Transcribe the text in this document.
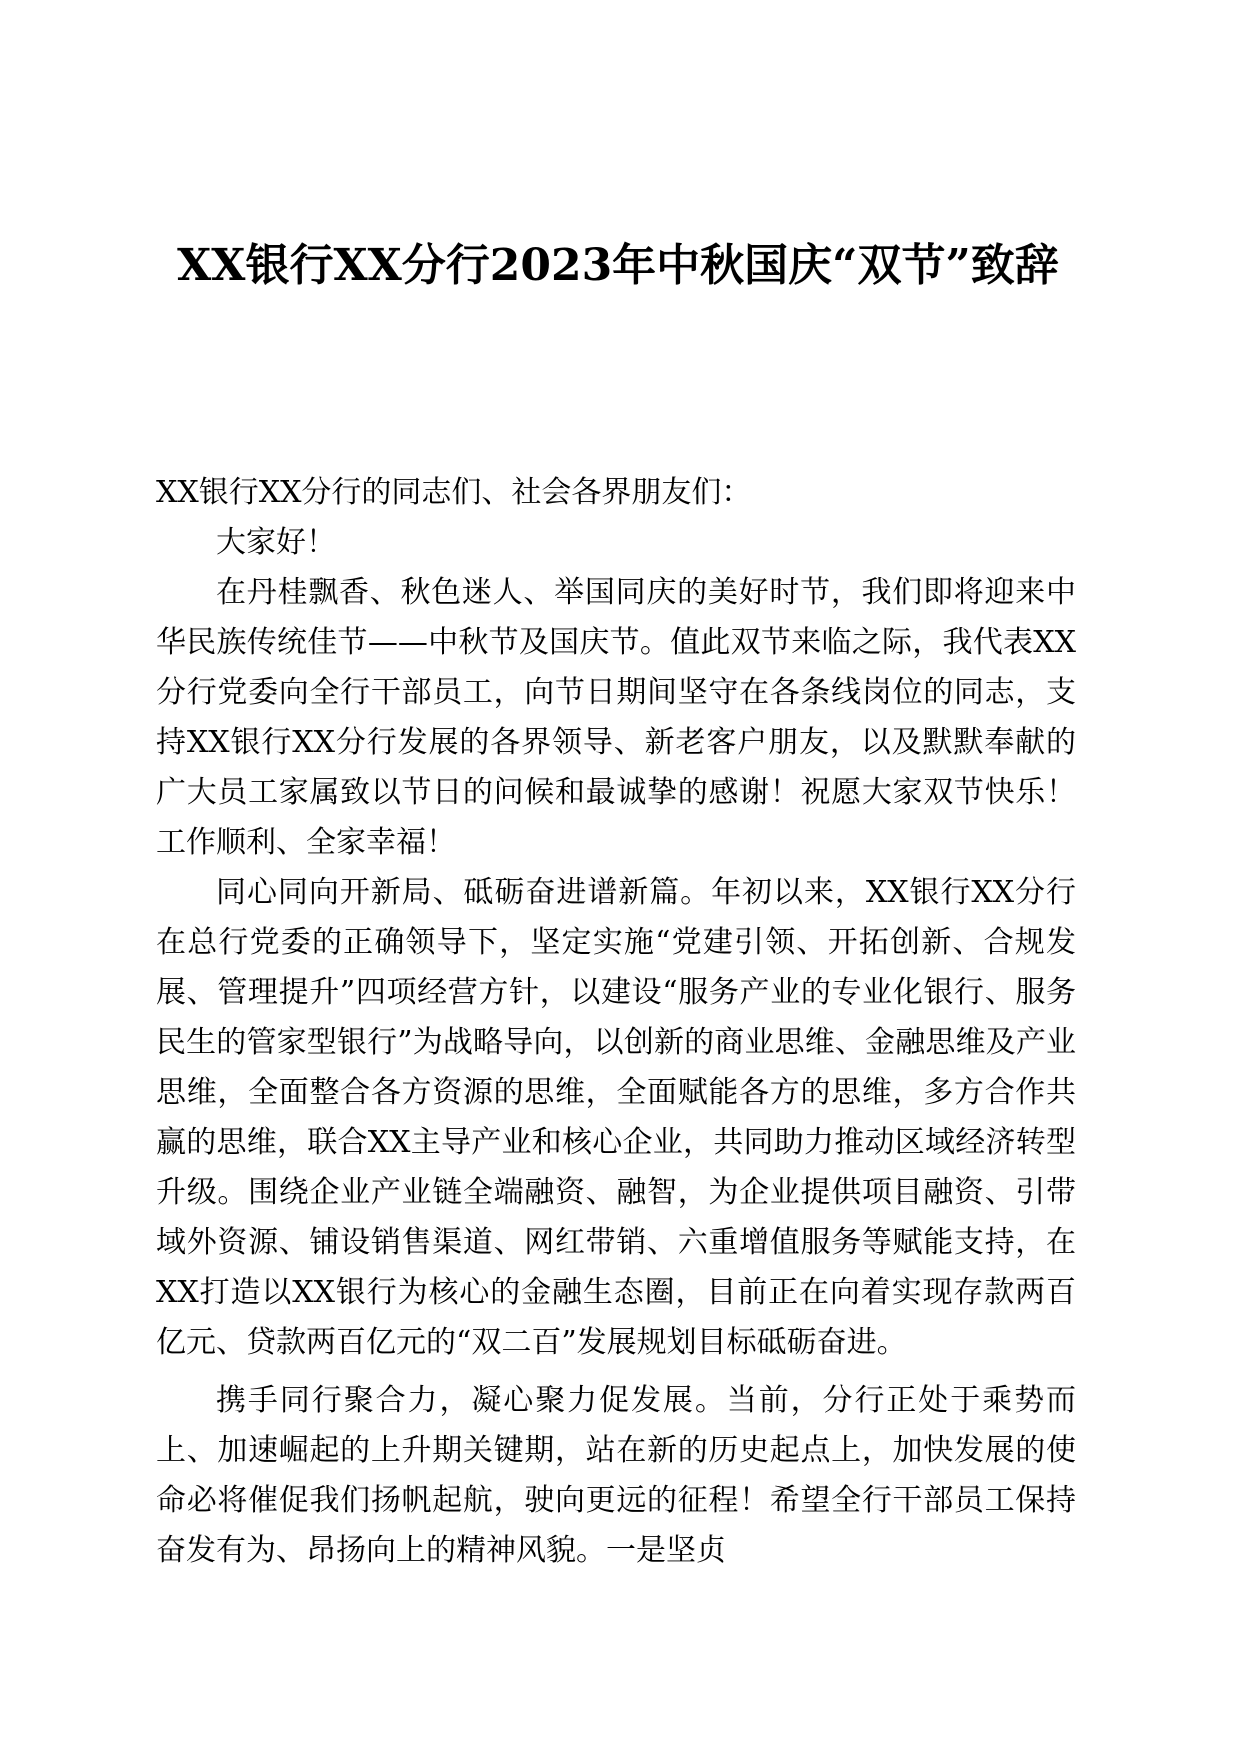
XX银行XX分行2023年中秋国庆“双节”致辞

XX银行XX分行的同志们、社会各界朋友们：

大家好！

在丹桂飘香、秋色迷人、举国同庆的美好时节，我们即将迎来中华民族传统佳节——中秋节及国庆节。值此双节来临之际，我代表XX分行党委向全行干部员工，向节日期间坚守在各条线岗位的同志，支持XX银行XX分行发展的各界领导、新老客户朋友，以及默默奉献的广大员工家属致以节日的问候和最诚挚的感谢！祝愿大家双节快乐！工作顺利、全家幸福！

同心同向开新局、砥砺奋进谱新篇。年初以来，XX银行XX分行在总行党委的正确领导下，坚定实施“党建引领、开拓创新、合规发展、管理提升”四项经营方针，以建设“服务产业的专业化银行、服务民生的管家型银行”为战略导向，以创新的商业思维、金融思维及产业思维，全面整合各方资源的思维，全面赋能各方的思维，多方合作共赢的思维，联合XX主导产业和核心企业，共同助力推动区域经济转型升级。围绕企业产业链全端融资、融智，为企业提供项目融资、引带域外资源、铺设销售渠道、网红带销、六重增值服务等赋能支持，在XX打造以XX银行为核心的金融生态圈，目前正在向着实现存款两百亿元、贷款两百亿元的“双二百”发展规划目标砥砺奋进。

携手同行聚合力，凝心聚力促发展。当前，分行正处于乘势而上、加速崛起的上升期关键期，站在新的历史起点上，加快发展的使命必将催促我们扬帆起航，驶向更远的征程！希望全行干部员工保持奋发有为、昂扬向上的精神风貌。一是坚贞
